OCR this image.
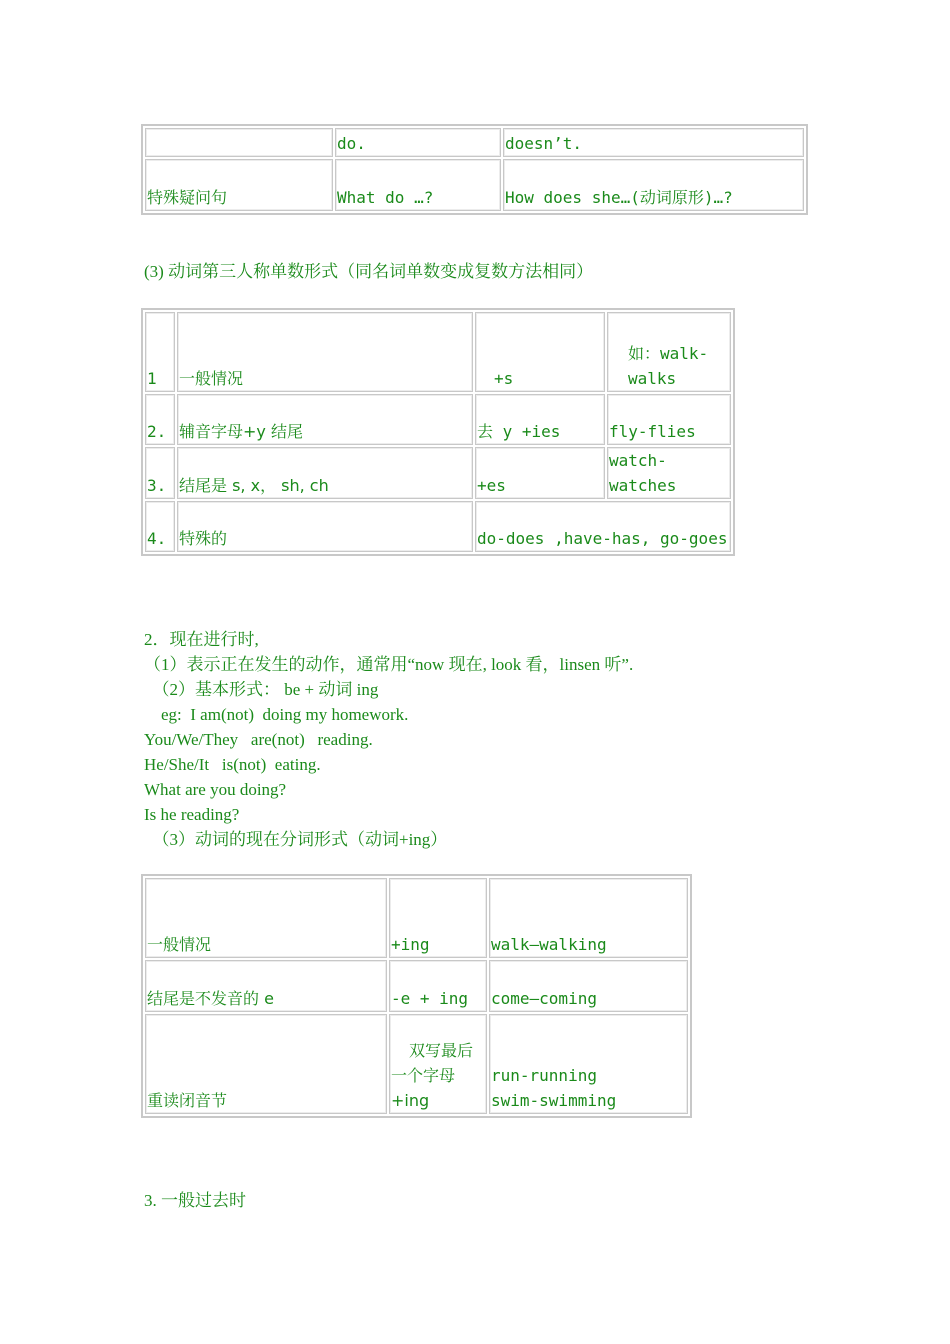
	do.	doesn’t.
特殊疑问句	What do …?	How does she…(动词原形)…?
(3) 动词第三人称单数形式（同名词单数变成复数方法相同）
1	一般情况	+s	如：walk-walks
2.	辅音字母+y 结尾	去 y +ies	fly-flies
3.	结尾是 s, x， sh, ch	+es	watch-watches
4.	特殊的	do-does ,have-has, go-goes	
2．现在进行时,
（1）表示正在发生的动作，通常用“now 现在, look 看，linsen 听”.
（2）基本形式： be + 动词 ing
eg:  I am(not)  doing my homework.
You/We/They   are(not)   reading.
He/She/It   is(not)  eating.
What are you doing?
Is he reading?
（3）动词的现在分词形式（动词+ing）
一般情况	+ing	walk—walking
结尾是不发音的 e	-e + ing	come—coming
重读闭音节	双写最后一个字母+ing	run-running
swim-swimming
3. 一般过去时
